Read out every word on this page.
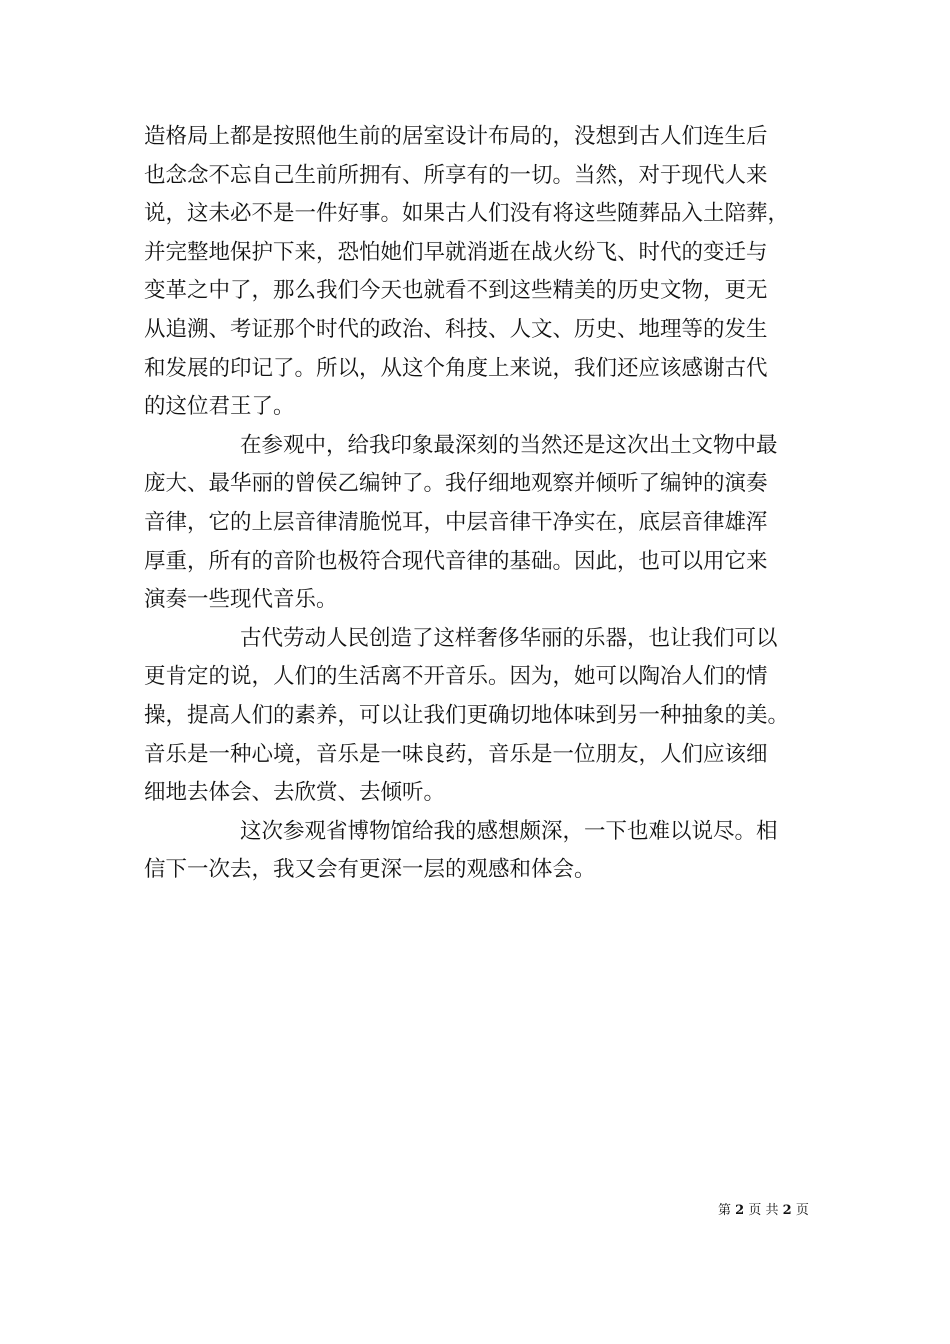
造格局上都是按照他生前的居室设计布局的，没想到古人们连生后
也念念不忘自己生前所拥有、所享有的一切。当然，对于现代人来
说，这未必不是一件好事。如果古人们没有将这些随葬品入土陪葬，
并完整地保护下来，恐怕她们早就消逝在战火纷飞、时代的变迁与
变革之中了，那么我们今天也就看不到这些精美的历史文物，更无
从追溯、考证那个时代的政治、科技、人文、历史、地理等的发生
和发展的印记了。所以，从这个角度上来说，我们还应该感谢古代
的这位君王了。
在参观中，给我印象最深刻的当然还是这次出土文物中最
庞大、最华丽的曾侯乙编钟了。我仔细地观察并倾听了编钟的演奏
音律，它的上层音律清脆悦耳，中层音律干净实在，底层音律雄浑
厚重，所有的音阶也极符合现代音律的基础。因此，也可以用它来
演奏一些现代音乐。
古代劳动人民创造了这样奢侈华丽的乐器，也让我们可以
更肯定的说，人们的生活离不开音乐。因为，她可以陶冶人们的情
操，提高人们的素养，可以让我们更确切地体味到另一种抽象的美。
音乐是一种心境，音乐是一味良药，音乐是一位朋友，人们应该细
细地去体会、去欣赏、去倾听。
这次参观省博物馆给我的感想颇深，一下也难以说尽。相
信下一次去，我又会有更深一层的观感和体会。
第 2 页 共 2 页
